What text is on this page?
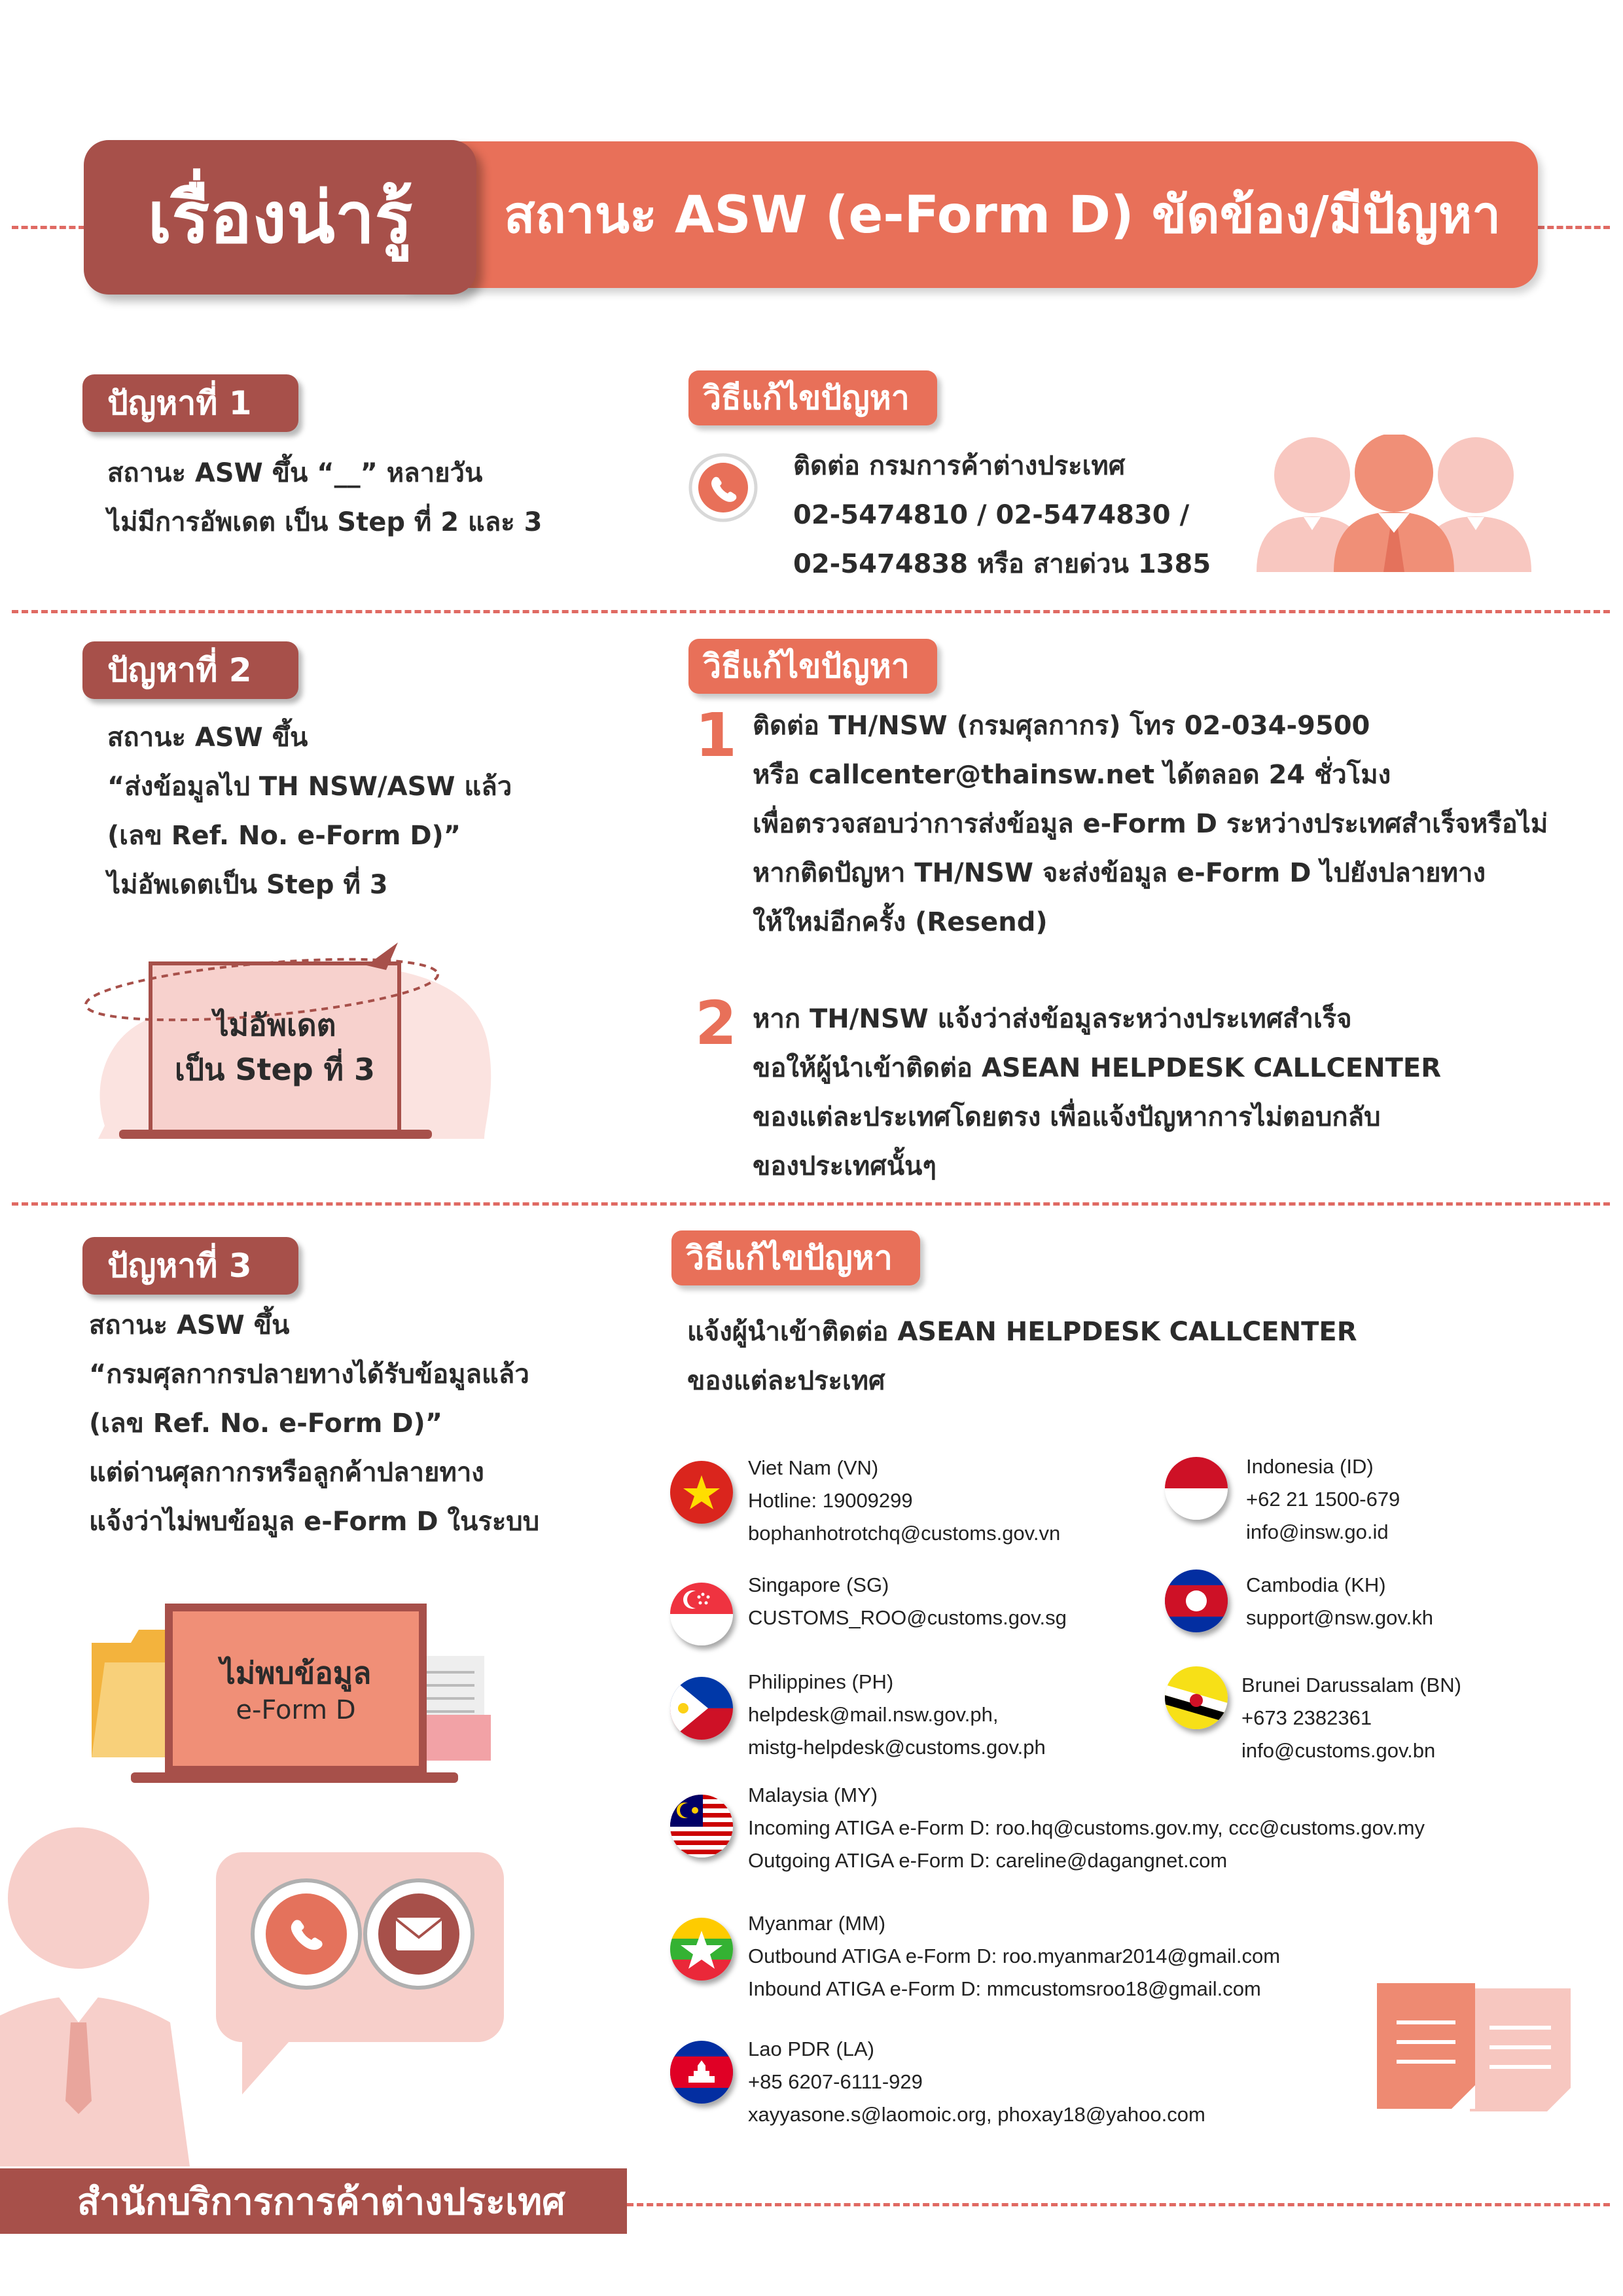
สถานะ ASW (e-Form D) ขัดข้อง/มีปัญหา
เรื่องน่ารู้
ปัญหาที่ 1
สถานะ ASW ขึ้น “__” หลายวัน
ไม่มีการอัพเดต เป็น Step ที่ 2 และ 3
วิธีแก้ไขปัญหา
ติดต่อ กรมการค้าต่างประเทศ
02-5474810 / 02-5474830 /
02-5474838 หรือ สายด่วน 1385
ปัญหาที่ 2
สถานะ ASW ขึ้น
“ส่งข้อมูลไป TH NSW/ASW แล้ว
(เลข Ref. No. e-Form D)”
ไม่อัพเดตเป็น Step ที่ 3
ไม่อัพเดต
เป็น Step ที่ 3
วิธีแก้ไขปัญหา
1 ติดต่อ TH/NSW (กรมศุลกากร) โทร 02-034-9500
หรือ callcenter@thainsw.net ได้ตลอด 24 ชั่วโมง
เพื่อตรวจสอบว่าการส่งข้อมูล e-Form D ระหว่างประเทศสำเร็จหรือไม่
หากติดปัญหา TH/NSW จะส่งข้อมูล e-Form D ไปยังปลายทาง
ให้ใหม่อีกครั้ง (Resend)
2 หาก TH/NSW แจ้งว่าส่งข้อมูลระหว่างประเทศสำเร็จ
ขอให้ผู้นำเข้าติดต่อ ASEAN HELPDESK CALLCENTER
ของแต่ละประเทศโดยตรง เพื่อแจ้งปัญหาการไม่ตอบกลับ
ของประเทศนั้นๆ
ปัญหาที่ 3
สถานะ ASW ขึ้น
“กรมศุลกากรปลายทางได้รับข้อมูลแล้ว
(เลข Ref. No. e-Form D)”
แต่ด่านศุลกากรหรือลูกค้าปลายทาง
แจ้งว่าไม่พบข้อมูล e-Form D ในระบบ
ไม่พบข้อมูล
e-Form D
วิธีแก้ไขปัญหา
แจ้งผู้นำเข้าติดต่อ ASEAN HELPDESK CALLCENTER
ของแต่ละประเทศ
Viet Nam (VN)
Hotline: 19009299
bophanhotrotchq@customs.gov.vn
Indonesia (ID)
+62 21 1500-679
info@insw.go.id
Singapore (SG)
CUSTOMS_ROO@customs.gov.sg
Cambodia (KH)
support@nsw.gov.kh
Philippines (PH)
helpdesk@mail.nsw.gov.ph,
mistg-helpdesk@customs.gov.ph
Brunei Darussalam (BN)
+673 2382361
info@customs.gov.bn
Malaysia (MY)
Incoming ATIGA e-Form D: roo.hq@customs.gov.my, ccc@customs.gov.my
Outgoing ATIGA e-Form D: careline@dagangnet.com
Myanmar (MM)
Outbound ATIGA e-Form D: roo.myanmar2014@gmail.com
Inbound ATIGA e-Form D: mmcustomsroo18@gmail.com
Lao PDR (LA)
+85 6207-6111-929
xayyasone.s@laomoic.org, phoxay18@yahoo.com
สำนักบริการการค้าต่างประเทศ
